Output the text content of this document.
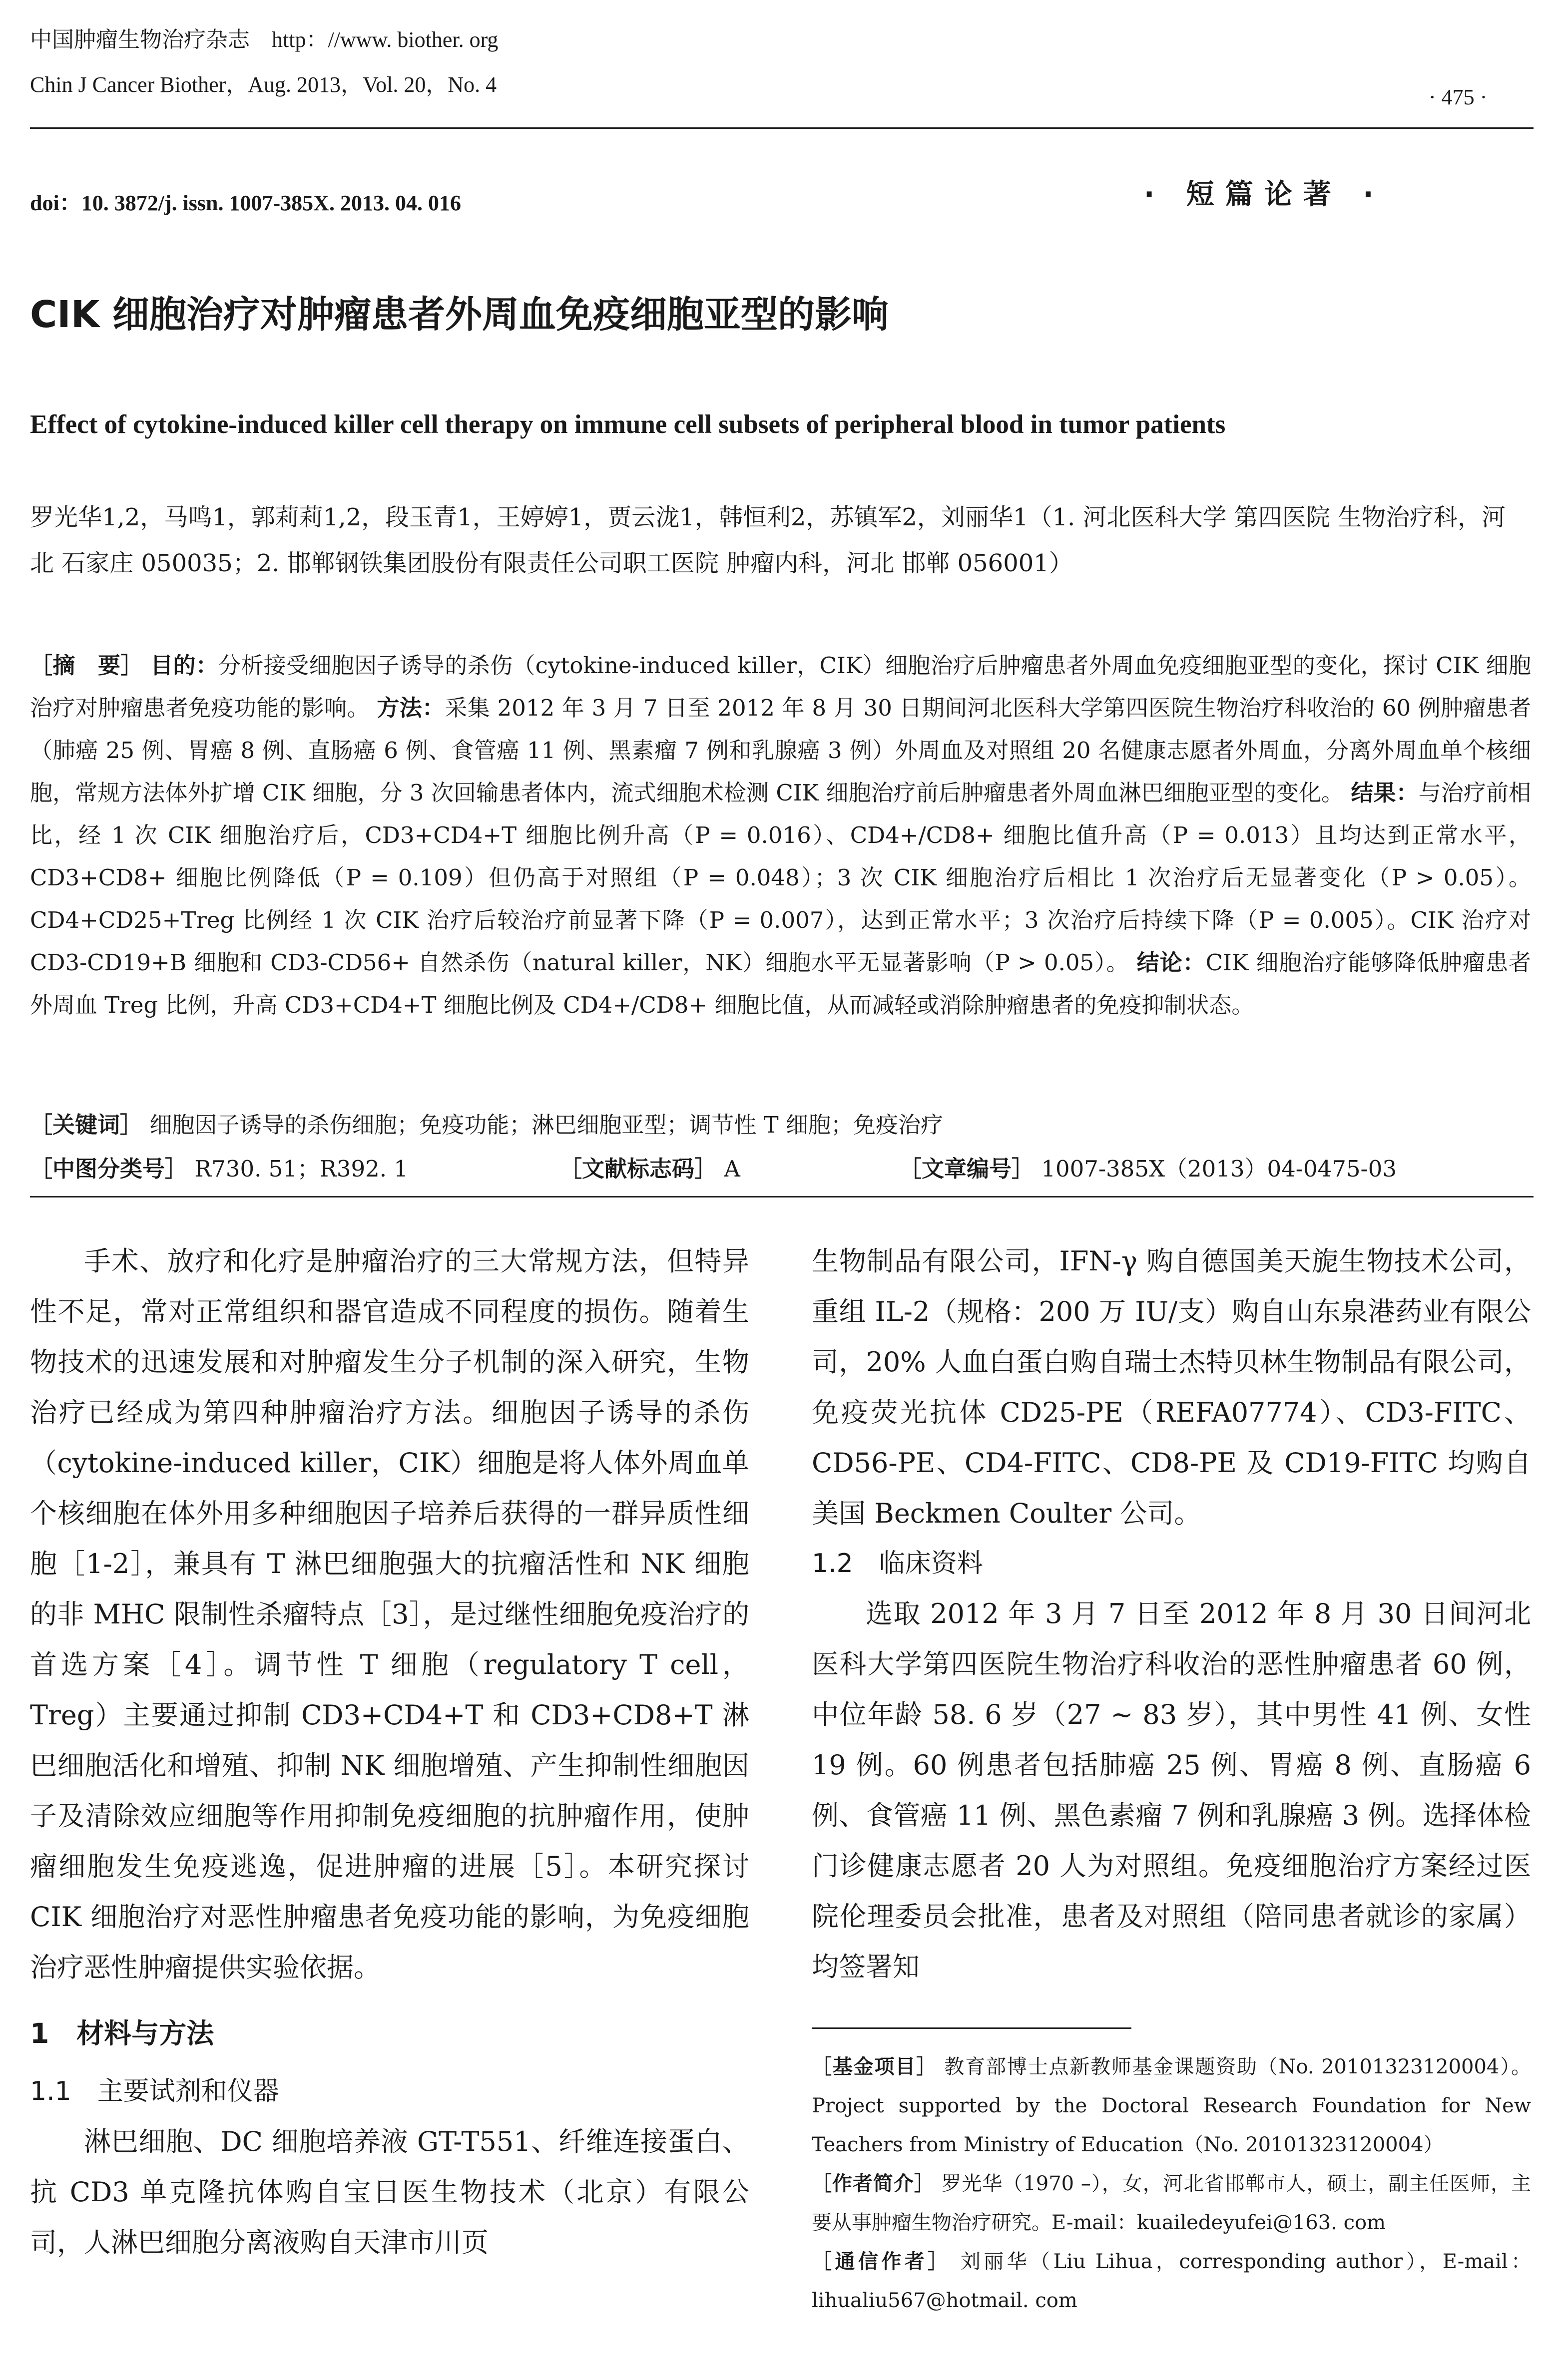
中国肿瘤生物治疗杂志　http：//www. biother. org
Chin J Cancer Biother，Aug. 2013，Vol. 20，No. 4
· 475 ·
doi：10. 3872/j. issn. 1007-385X. 2013. 04. 016	· 短篇论著 ·
CIK 细胞治疗对肿瘤患者外周血免疫细胞亚型的影响
Effect of cytokine-induced killer cell therapy on immune cell subsets of peripheral blood in tumor patients
罗光华1,2，马鸣1，郭莉莉1,2，段玉青1，王婷婷1，贾云泷1，韩恒利2，苏镇军2，刘丽华1（1. 河北医科大学 第四医院 生物治疗科，河北 石家庄 050035；2. 邯郸钢铁集团股份有限责任公司职工医院 肿瘤内科，河北 邯郸 056001）
［摘　要］ 目的：分析接受细胞因子诱导的杀伤（cytokine-induced killer，CIK）细胞治疗后肿瘤患者外周血免疫细胞亚型的变化，探讨 CIK 细胞治疗对肿瘤患者免疫功能的影响。 方法：采集 2012 年 3 月 7 日至 2012 年 8 月 30 日期间河北医科大学第四医院生物治疗科收治的 60 例肿瘤患者（肺癌 25 例、胃癌 8 例、直肠癌 6 例、食管癌 11 例、黑素瘤 7 例和乳腺癌 3 例）外周血及对照组 20 名健康志愿者外周血，分离外周血单个核细胞，常规方法体外扩增 CIK 细胞，分 3 次回输患者体内，流式细胞术检测 CIK 细胞治疗前后肿瘤患者外周血淋巴细胞亚型的变化。 结果：与治疗前相比，经 1 次 CIK 细胞治疗后，CD3+CD4+T 细胞比例升高（P = 0.016）、CD4+/CD8+ 细胞比值升高（P = 0.013）且均达到正常水平，CD3+CD8+ 细胞比例降低（P = 0.109）但仍高于对照组（P = 0.048）；3 次 CIK 细胞治疗后相比 1 次治疗后无显著变化（P > 0.05）。CD4+CD25+Treg 比例经 1 次 CIK 治疗后较治疗前显著下降（P = 0.007），达到正常水平；3 次治疗后持续下降（P = 0.005）。CIK 治疗对 CD3-CD19+B 细胞和 CD3-CD56+ 自然杀伤（natural killer，NK）细胞水平无显著影响（P > 0.05）。 结论：CIK 细胞治疗能够降低肿瘤患者外周血 Treg 比例，升高 CD3+CD4+T 细胞比例及 CD4+/CD8+ 细胞比值，从而减轻或消除肿瘤患者的免疫抑制状态。
［关键词］ 细胞因子诱导的杀伤细胞；免疫功能；淋巴细胞亚型；调节性 T 细胞；免疫治疗
［中图分类号］ R730. 51；R392. 1	［文献标志码］ A	［文章编号］ 1007-385X（2013）04-0475-03

手术、放疗和化疗是肿瘤治疗的三大常规方法，但特异性不足，常对正常组织和器官造成不同程度的损伤。随着生物技术的迅速发展和对肿瘤发生分子机制的深入研究，生物治疗已经成为第四种肿瘤治疗方法。细胞因子诱导的杀伤（cytokine-induced killer，CIK）细胞是将人体外周血单个核细胞在体外用多种细胞因子培养后获得的一群异质性细胞［1-2］，兼具有 T 淋巴细胞强大的抗瘤活性和 NK 细胞的非 MHC 限制性杀瘤特点［3］，是过继性细胞免疫治疗的首选方案［4］。调节性 T 细胞（regulatory T cell，Treg）主要通过抑制 CD3+CD4+T 和 CD3+CD8+T 淋巴细胞活化和增殖、抑制 NK 细胞增殖、产生抑制性细胞因子及清除效应细胞等作用抑制免疫细胞的抗肿瘤作用，使肿瘤细胞发生免疫逃逸，促进肿瘤的进展［5］。本研究探讨 CIK 细胞治疗对恶性肿瘤患者免疫功能的影响，为免疫细胞治疗恶性肿瘤提供实验依据。

1　材料与方法
1.1　主要试剂和仪器

淋巴细胞、DC 细胞培养液 GT-T551、纤维连接蛋白、抗 CD3 单克隆抗体购自宝日医生物技术（北京）有限公司，人淋巴细胞分离液购自天津市川页

生物制品有限公司，IFN-γ 购自德国美天旎生物技术公司，重组 IL-2（规格：200 万 IU/支）购自山东泉港药业有限公司，20% 人血白蛋白购自瑞士杰特贝林生物制品有限公司，免疫荧光抗体 CD25-PE（REFA07774）、CD3-FITC、CD56-PE、CD4-FITC、CD8-PE 及 CD19-FITC 均购自美国 Beckmen Coulter 公司。

1.2　临床资料

选取 2012 年 3 月 7 日至 2012 年 8 月 30 日间河北医科大学第四医院生物治疗科收治的恶性肿瘤患者 60 例，中位年龄 58. 6 岁（27 ~ 83 岁），其中男性 41 例、女性 19 例。60 例患者包括肺癌 25 例、胃癌 8 例、直肠癌 6 例、食管癌 11 例、黑色素瘤 7 例和乳腺癌 3 例。选择体检门诊健康志愿者 20 人为对照组。免疫细胞治疗方案经过医院伦理委员会批准，患者及对照组（陪同患者就诊的家属）均签署知

［基金项目］ 教育部博士点新教师基金课题资助（No. 20101323120004）。Project supported by the Doctoral Research Foundation for New Teachers from Ministry of Education（No. 20101323120004）
［作者简介］ 罗光华（1970 –），女，河北省邯郸市人，硕士，副主任医师，主要从事肿瘤生物治疗研究。E-mail：kuailedeyufei@163. com
［通信作者］ 刘丽华（Liu Lihua，corresponding author），E-mail：lihualiu567@hotmail. com
